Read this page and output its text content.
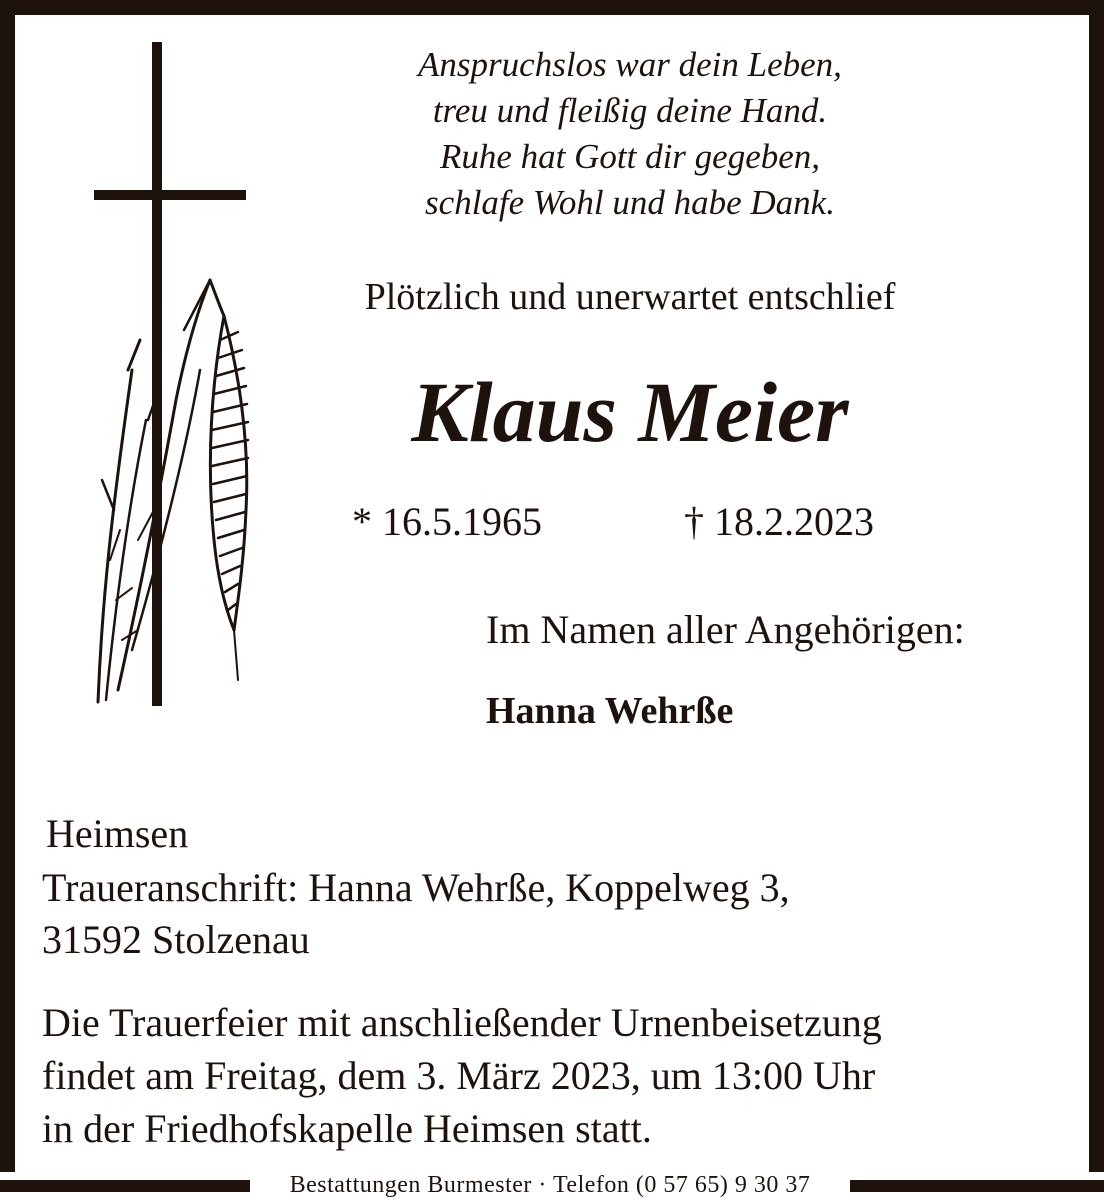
Anspruchslos war dein Leben,
treu und fleißig deine Hand.
Ruhe hat Gott dir gegeben,
schlafe Wohl und habe Dank.
Plötzlich und unerwartet entschlief
Klaus Meier
* 16.5.1965	† 18.2.2023
Im Namen aller Angehörigen:
Hanna Wehrße
Heimsen
Traueranschrift: Hanna Wehrße, Koppelweg 3,
31592 Stolzenau
Die Trauerfeier mit anschließender Urnenbeisetzung
findet am Freitag, dem 3. März 2023, um 13:00 Uhr
in der Friedhofskapelle Heimsen statt.
Bestattungen Burmester · Telefon (0 57 65) 9 30 37
